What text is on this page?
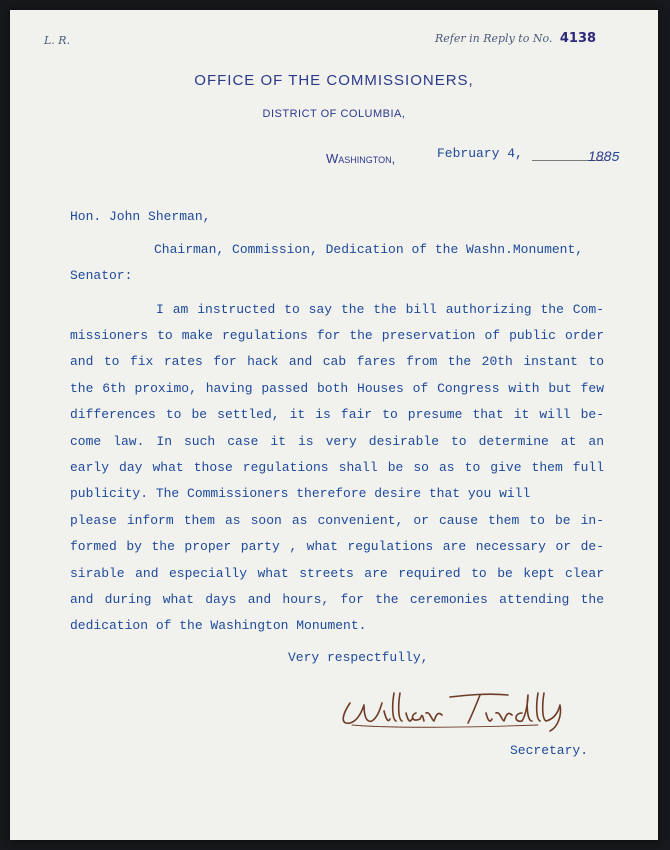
L. R.	Refer in Reply to No. 4138
OFFICE OF THE COMMISSIONERS,
DISTRICT OF COLUMBIA,
Washington,	February 4,	1885
Hon. John Sherman,
Chairman, Commission, Dedication of the Washn.Monument,
Senator:
I am instructed to say the the bill authorizing the Com-
missioners to make regulations for the preservation of public order
and to fix rates for hack and cab fares from the 20th instant to
the 6th proximo, having passed both Houses of Congress with but few
differences to be settled, it is fair to presume that it will be-
come law. In such case it is very desirable to determine at an
early day what those regulations shall be so as to give them full
publicity. The Commissioners therefore desire that you will
please inform them as soon as convenient, or cause them to be in-
formed by the proper party , what regulations are necessary or de-
sirable and especially what streets are required to be kept clear
and during what days and hours, for the ceremonies attending the
dedication of the Washington Monument.
Very respectfully,
Secretary.
